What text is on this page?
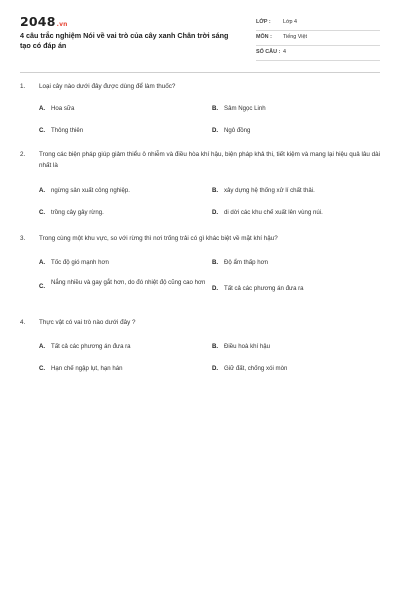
2048.vn
4 câu trắc nghiệm Nói về vai trò của cây xanh Chân trời sáng tạo có đáp án
LỚP : Lớp 4
MÔN : Tiếng Việt
SỐ CÂU : 4
1. Loại cây nào dưới đây được dùng để làm thuốc?
A. Hoa sữa	B. Sâm Ngọc Linh
C. Thông thiên	D. Ngô đồng
2. Trong các biện pháp giúp giảm thiểu ô nhiễm và điều hòa khí hậu, biện pháp khả thi, tiết kiệm và mang lại hiệu quả lâu dài nhất là
A. ngừng sản xuất công nghiệp.	B. xây dựng hệ thống xử lí chất thải.
C. trồng cây gây rừng.	D. di dời các khu chế xuất lên vùng núi.
3. Trong cùng một khu vực, so với rừng thì nơi trống trải có gì khác biệt về mặt khí hậu?
A. Tốc độ gió mạnh hơn	B. Độ ẩm thấp hơn
C.
Nắng nhiều và gay gắt hơn, do đó nhiệt độ cũng cao hơn
D. Tất cả các phương án đưa ra
4. Thực vật có vai trò nào dưới đây ?
A. Tất cả các phương án đưa ra	B. Điều hoà khí hậu
C. Hạn chế ngập lụt, hạn hán	D. Giữ đất, chống xói mòn
